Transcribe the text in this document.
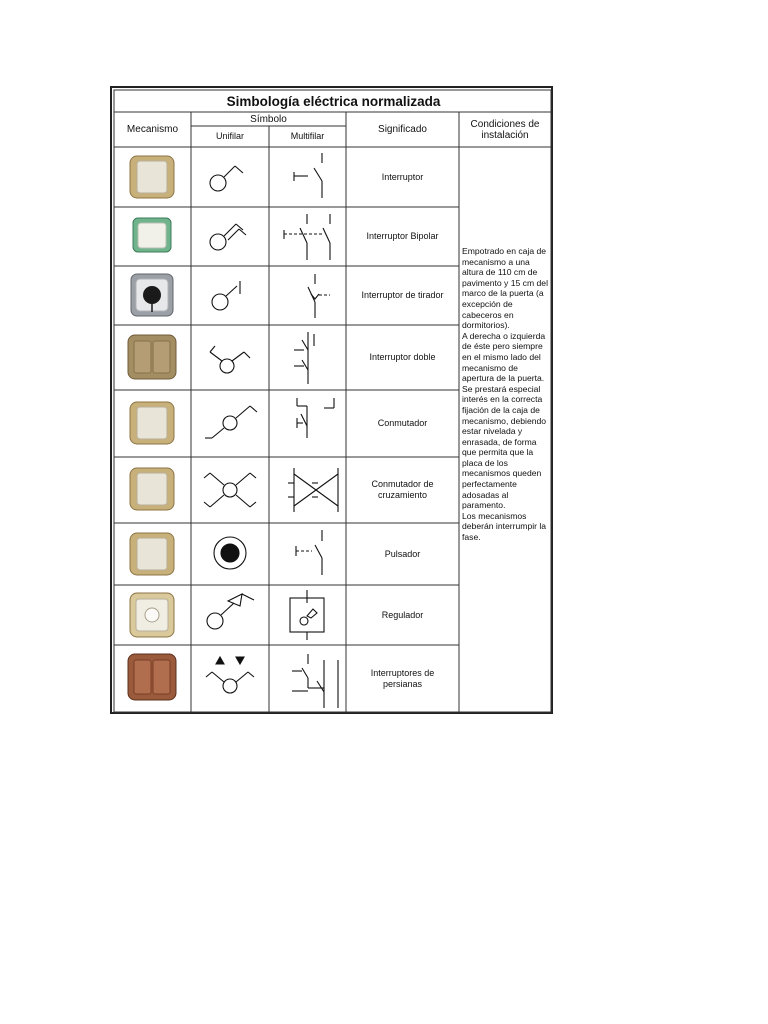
Simbología eléctrica normalizada
Mecanismo
Símbolo
Unifilar	Multifilar
Significado	Condiciones de instalación
Interruptor
Interruptor Bipolar
Interruptor de tirador
Interruptor doble
Conmutador
Conmutador de cruzamiento
Pulsador
Regulador
Interruptores de persianas
Empotrado en caja de mecanismo a una altura de 110 cm de pavimento y 15 cm del marco de la puerta (a excepción de cabeceros en dormitorios).
A derecha o izquierda de éste pero siempre en el mismo lado del mecanismo de apertura de la puerta.
Se prestará especial interés en la correcta fijación de la caja de mecanismo, debiendo estar nivelada y enrasada, de forma que permita que la placa de los mecanismos queden perfectamente adosadas al paramento.
Los mecanismos deberán interrumpir la fase.
